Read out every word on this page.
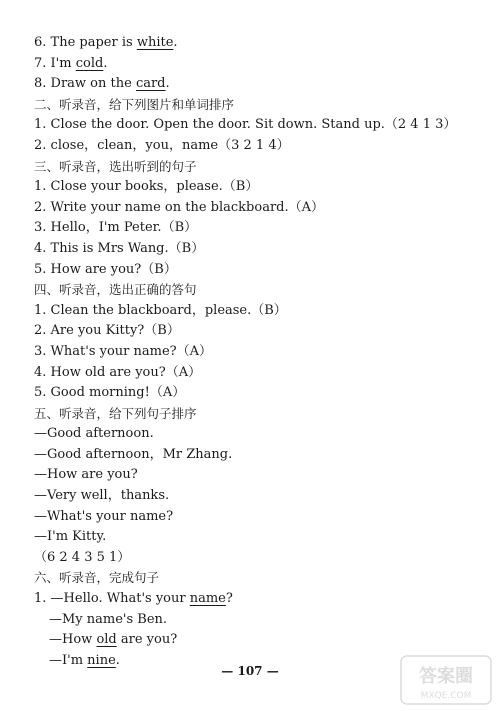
6. The paper is white.
7. I'm cold.
8. Draw on the card.
二、听录音，给下列图片和单词排序
1. Close the door. Open the door. Sit down. Stand up.（2 4 1 3）
2. close，clean，you，name（3 2 1 4）
三、听录音，选出听到的句子
1. Close your books，please.（B）
2. Write your name on the blackboard.（A）
3. Hello，I'm Peter.（B）
4. This is Mrs Wang.（B）
5. How are you?（B）
四、听录音，选出正确的答句
1. Clean the blackboard，please.（B）
2. Are you Kitty?（B）
3. What's your name?（A）
4. How old are you?（A）
5. Good morning!（A）
五、听录音，给下列句子排序
—Good afternoon.
—Good afternoon，Mr Zhang.
—How are you?
—Very well，thanks.
—What's your name?
—I'm Kitty.
（6 2 4 3 5 1）
六、听录音，完成句子
1. —Hello. What's your name?
—My name's Ben.
—How old are you?
—I'm nine.
— 107 —	答案圈
MXQE.COM
